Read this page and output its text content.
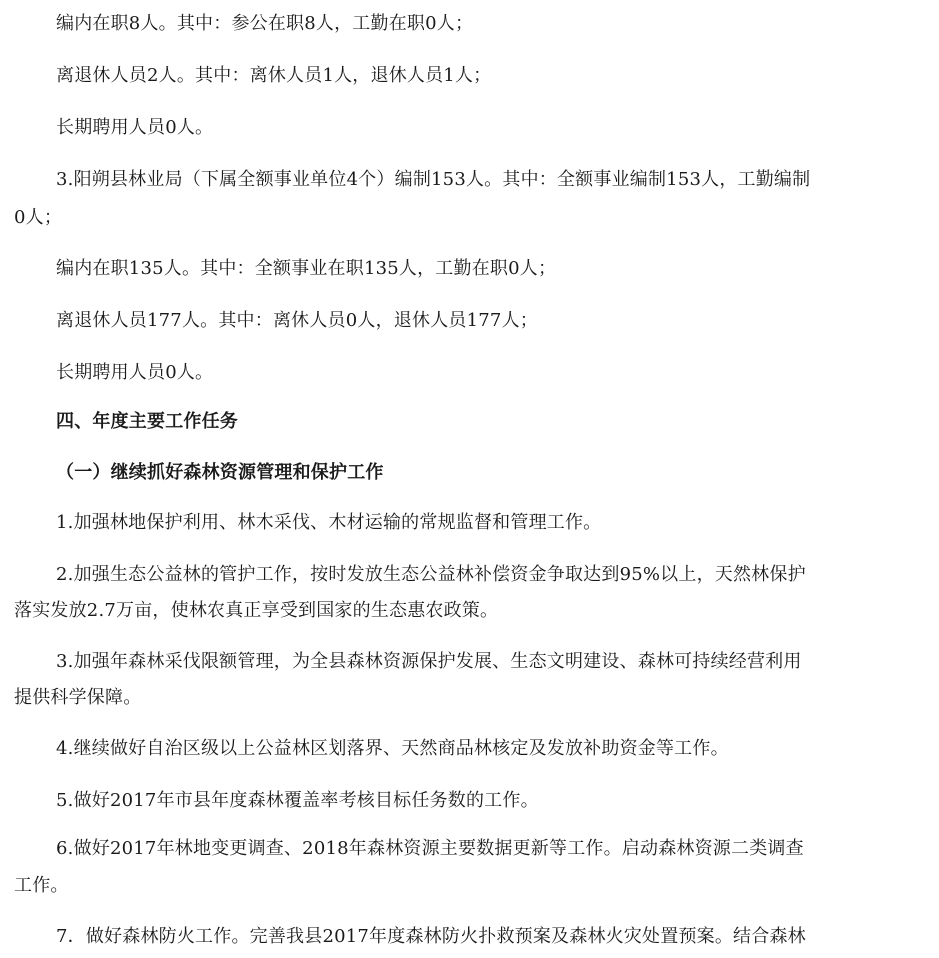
编内在职8人。其中：参公在职8人，工勤在职0人；
离退休人员2人。其中：离休人员1人，退休人员1人；
长期聘用人员0人。
3.阳朔县林业局（下属全额事业单位4个）编制153人。其中：全额事业编制153人，工勤编制
0人；
编内在职135人。其中：全额事业在职135人，工勤在职0人；
离退休人员177人。其中：离休人员0人，退休人员177人；
长期聘用人员0人。
四、年度主要工作任务
（一）继续抓好森林资源管理和保护工作
1.加强林地保护利用、林木采伐、木材运输的常规监督和管理工作。
2.加强生态公益林的管护工作，按时发放生态公益林补偿资金争取达到95%以上，天然林保护
落实发放2.7万亩，使林农真正享受到国家的生态惠农政策。
3.加强年森林采伐限额管理，为全县森林资源保护发展、生态文明建设、森林可持续经营利用
提供科学保障。
4.继续做好自治区级以上公益林区划落界、天然商品林核定及发放补助资金等工作。
5.做好2017年市县年度森林覆盖率考核目标任务数的工作。
6.做好2017年林地变更调查、2018年森林资源主要数据更新等工作。启动森林资源二类调查
工作。
7．做好森林防火工作。完善我县2017年度森林防火扑救预案及森林火灾处置预案。结合森林
